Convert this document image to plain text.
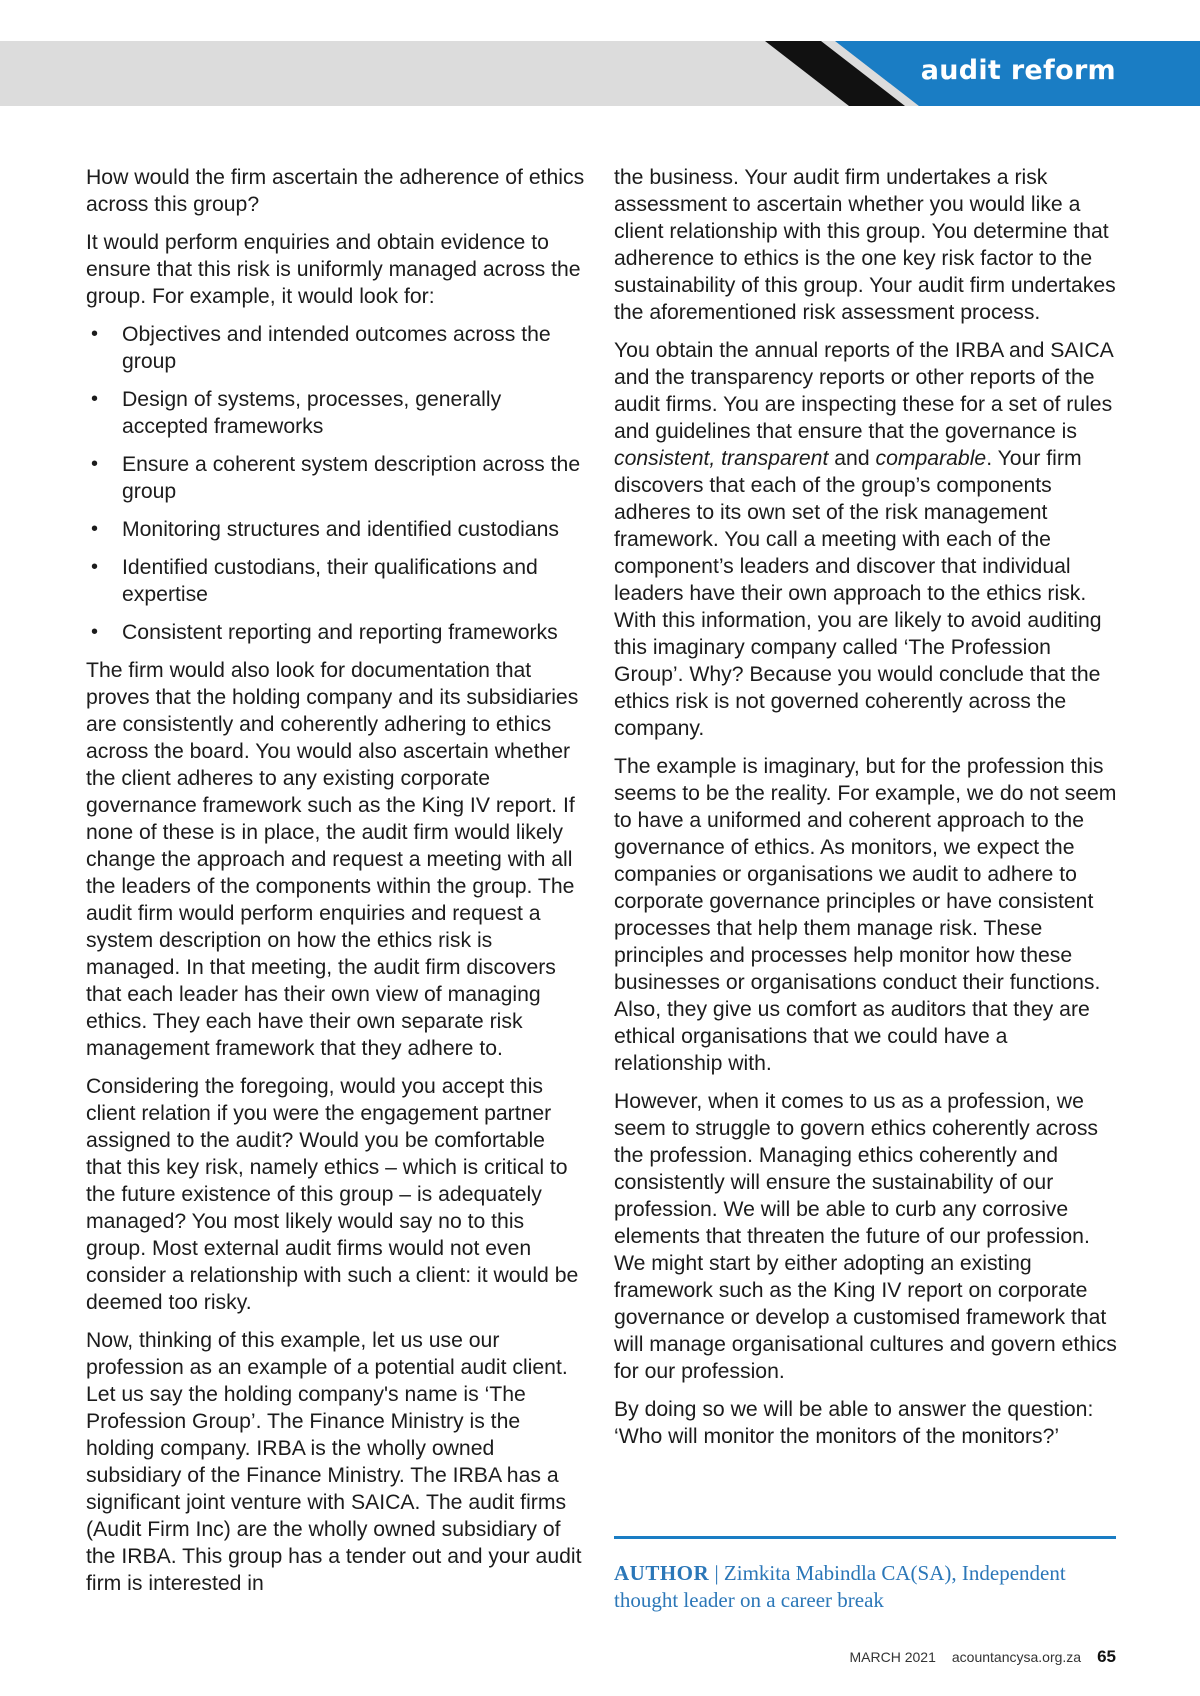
audit reform

How would the firm ascertain the adherence of ethics across this group?

It would perform enquiries and obtain evidence to ensure that this risk is uniformly managed across the group. For example, it would look for:

• Objectives and intended outcomes across the group
• Design of systems, processes, generally accepted frameworks
• Ensure a coherent system description across the group
• Monitoring structures and identified custodians
• Identified custodians, their qualifications and expertise
• Consistent reporting and reporting frameworks

The firm would also look for documentation that proves that the holding company and its subsidiaries are consistently and coherently adhering to ethics across the board. You would also ascertain whether the client adheres to any existing corporate governance framework such as the King IV report. If none of these is in place, the audit firm would likely change the approach and request a meeting with all the leaders of the components within the group. The audit firm would perform enquiries and request a system description on how the ethics risk is managed. In that meeting, the audit firm discovers that each leader has their own view of managing ethics. They each have their own separate risk management framework that they adhere to.

Considering the foregoing, would you accept this client relation if you were the engagement partner assigned to the audit? Would you be comfortable that this key risk, namely ethics – which is critical to the future existence of this group – is adequately managed? You most likely would say no to this group. Most external audit firms would not even consider a relationship with such a client: it would be deemed too risky.

Now, thinking of this example, let us use our profession as an example of a potential audit client. Let us say the holding company's name is ‘The Profession Group’. The Finance Ministry is the holding company. IRBA is the wholly owned subsidiary of the Finance Ministry. The IRBA has a significant joint venture with SAICA. The audit firms (Audit Firm Inc) are the wholly owned subsidiary of the IRBA. This group has a tender out and your audit firm is interested in

the business. Your audit firm undertakes a risk assessment to ascertain whether you would like a client relationship with this group. You determine that adherence to ethics is the one key risk factor to the sustainability of this group. Your audit firm undertakes the aforementioned risk assessment process.

You obtain the annual reports of the IRBA and SAICA and the transparency reports or other reports of the audit firms. You are inspecting these for a set of rules and guidelines that ensure that the governance is consistent, transparent and comparable. Your firm discovers that each of the group’s components adheres to its own set of the risk management framework. You call a meeting with each of the component’s leaders and discover that individual leaders have their own approach to the ethics risk. With this information, you are likely to avoid auditing this imaginary company called ‘The Profession Group’. Why? Because you would conclude that the ethics risk is not governed coherently across the company.

The example is imaginary, but for the profession this seems to be the reality. For example, we do not seem to have a uniformed and coherent approach to the governance of ethics. As monitors, we expect the companies or organisations we audit to adhere to corporate governance principles or have consistent processes that help them manage risk. These principles and processes help monitor how these businesses or organisations conduct their functions. Also, they give us comfort as auditors that they are ethical organisations that we could have a relationship with.

However, when it comes to us as a profession, we seem to struggle to govern ethics coherently across the profession. Managing ethics coherently and consistently will ensure the sustainability of our profession. We will be able to curb any corrosive elements that threaten the future of our profession. We might start by either adopting an existing framework such as the King IV report on corporate governance or develop a customised framework that will manage organisational cultures and govern ethics for our profession.

By doing so we will be able to answer the question: ‘Who will monitor the monitors of the monitors?’

AUTHOR | Zimkita Mabindla CA(SA), Independent thought leader on a career break
MARCH 2021 acountancysa.org.za 65
